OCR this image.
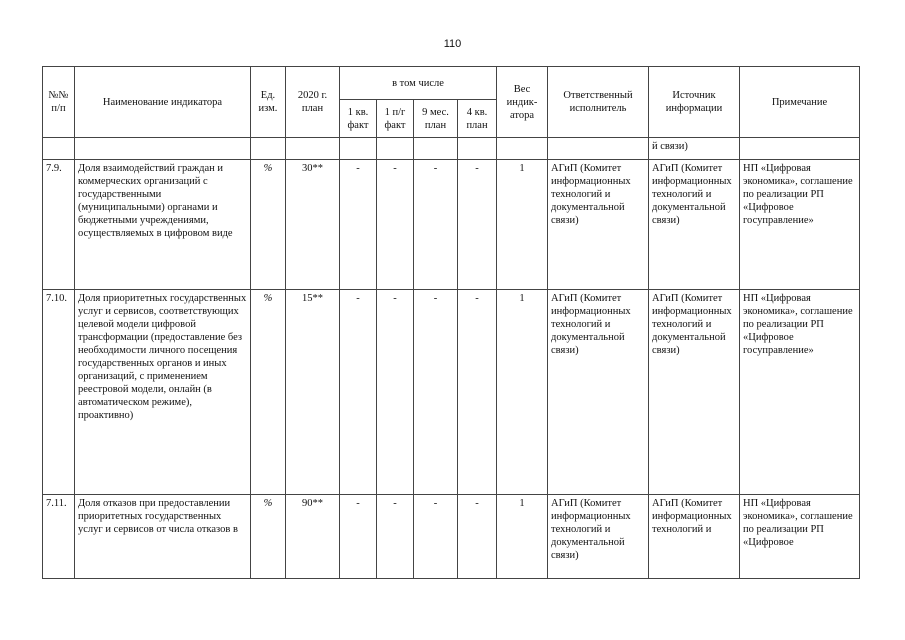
110
№№ п/п	Наименование индикатора	Ед. изм.	2020 г. план	в том числе				Вес индик-атора	Ответственный исполнитель	Источник информации	Примечание
				1 кв. факт	1 п/г факт	9 мес. план	4 кв. план				
										й связи)	
7.9.	Доля взаимодействий граждан и коммерческих организаций с государственными (муниципальными) органами и бюджетными учреждениями, осуществляемых в цифровом виде	%	30**	-	-	-	-	1	АГиП (Комитет информационных технологий и документальной связи)	АГиП (Комитет информационных технологий и документальной связи)	НП «Цифровая экономика», соглашение по реализации РП «Цифровое госуправление»
7.10.	Доля приоритетных государственных услуг и сервисов, соответствующих целевой модели цифровой трансформации (предоставление без необходимости личного посещения государственных органов и иных организаций, с применением реестровой модели, онлайн (в автоматическом режиме), проактивно)	%	15**	-	-	-	-	1	АГиП (Комитет информационных технологий и документальной связи)	АГиП (Комитет информационных технологий и документальной связи)	НП «Цифровая экономика», соглашение по реализации РП «Цифровое госуправление»
7.11.	Доля отказов при предоставлении приоритетных государственных услуг и сервисов от числа отказов в	%	90**	-	-	-	-	1	АГиП (Комитет информационных технологий и документальной связи)	АГиП (Комитет информационных технологий и	НП «Цифровая экономика», соглашение по реализации РП «Цифровое
